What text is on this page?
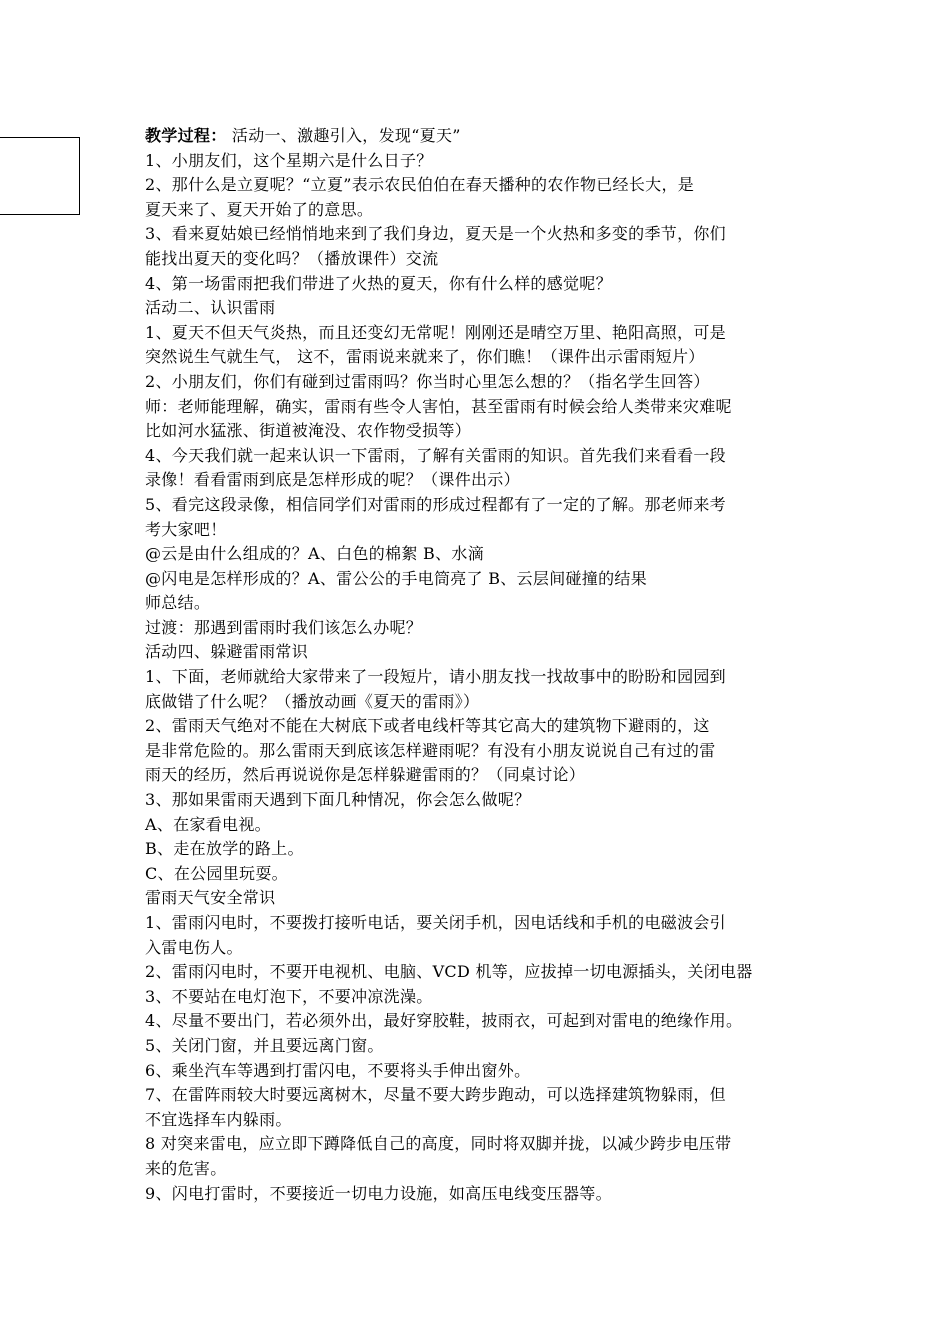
教学过程： 活动一、激趣引入，发现“夏天”
1、小朋友们，这个星期六是什么日子？
2、那什么是立夏呢？“立夏”表示农民伯伯在春天播种的农作物已经长大，是
夏天来了、夏天开始了的意思。
3、看来夏姑娘已经悄悄地来到了我们身边，夏天是一个火热和多变的季节，你们
能找出夏天的变化吗？（播放课件）交流
4、第一场雷雨把我们带进了火热的夏天，你有什么样的感觉呢？
活动二、认识雷雨
1、夏天不但天气炎热，而且还变幻无常呢！刚刚还是晴空万里、艳阳高照，可是
突然说生气就生气， 这不，雷雨说来就来了，你们瞧！（课件出示雷雨短片）
2、小朋友们，你们有碰到过雷雨吗？你当时心里怎么想的？（指名学生回答）
师：老师能理解，确实，雷雨有些令人害怕，甚至雷雨有时候会给人类带来灾难呢
比如河水猛涨、街道被淹没、农作物受损等）
4、今天我们就一起来认识一下雷雨，了解有关雷雨的知识。首先我们来看看一段
录像！看看雷雨到底是怎样形成的呢？（课件出示）
5、看完这段录像，相信同学们对雷雨的形成过程都有了一定的了解。那老师来考
考大家吧！
@云是由什么组成的？A、白色的棉絮 B、水滴
@闪电是怎样形成的？A、雷公公的手电筒亮了 B、云层间碰撞的结果
师总结。
过渡：那遇到雷雨时我们该怎么办呢？
活动四、躲避雷雨常识
1、下面，老师就给大家带来了一段短片，请小朋友找一找故事中的盼盼和园园到
底做错了什么呢？（播放动画《夏天的雷雨》）
2、雷雨天气绝对不能在大树底下或者电线杆等其它高大的建筑物下避雨的，这
是非常危险的。那么雷雨天到底该怎样避雨呢？有没有小朋友说说自己有过的雷
雨天的经历，然后再说说你是怎样躲避雷雨的？（同桌讨论）
3、那如果雷雨天遇到下面几种情况，你会怎么做呢？
A、在家看电视。
B、走在放学的路上。
C、在公园里玩耍。
雷雨天气安全常识
1、雷雨闪电时，不要拨打接听电话，要关闭手机，因电话线和手机的电磁波会引
入雷电伤人。
2、雷雨闪电时，不要开电视机、电脑、VCD 机等，应拔掉一切电源插头，关闭电器
3、不要站在电灯泡下，不要冲凉洗澡。
4、尽量不要出门，若必须外出，最好穿胶鞋，披雨衣，可起到对雷电的绝缘作用。
5、关闭门窗，并且要远离门窗。
6、乘坐汽车等遇到打雷闪电，不要将头手伸出窗外。
7、在雷阵雨较大时要远离树木，尽量不要大跨步跑动，可以选择建筑物躲雨，但
不宜选择车内躲雨。
8 对突来雷电，应立即下蹲降低自己的高度，同时将双脚并拢，以减少跨步电压带
来的危害。
9、闪电打雷时，不要接近一切电力设施，如高压电线变压器等。
